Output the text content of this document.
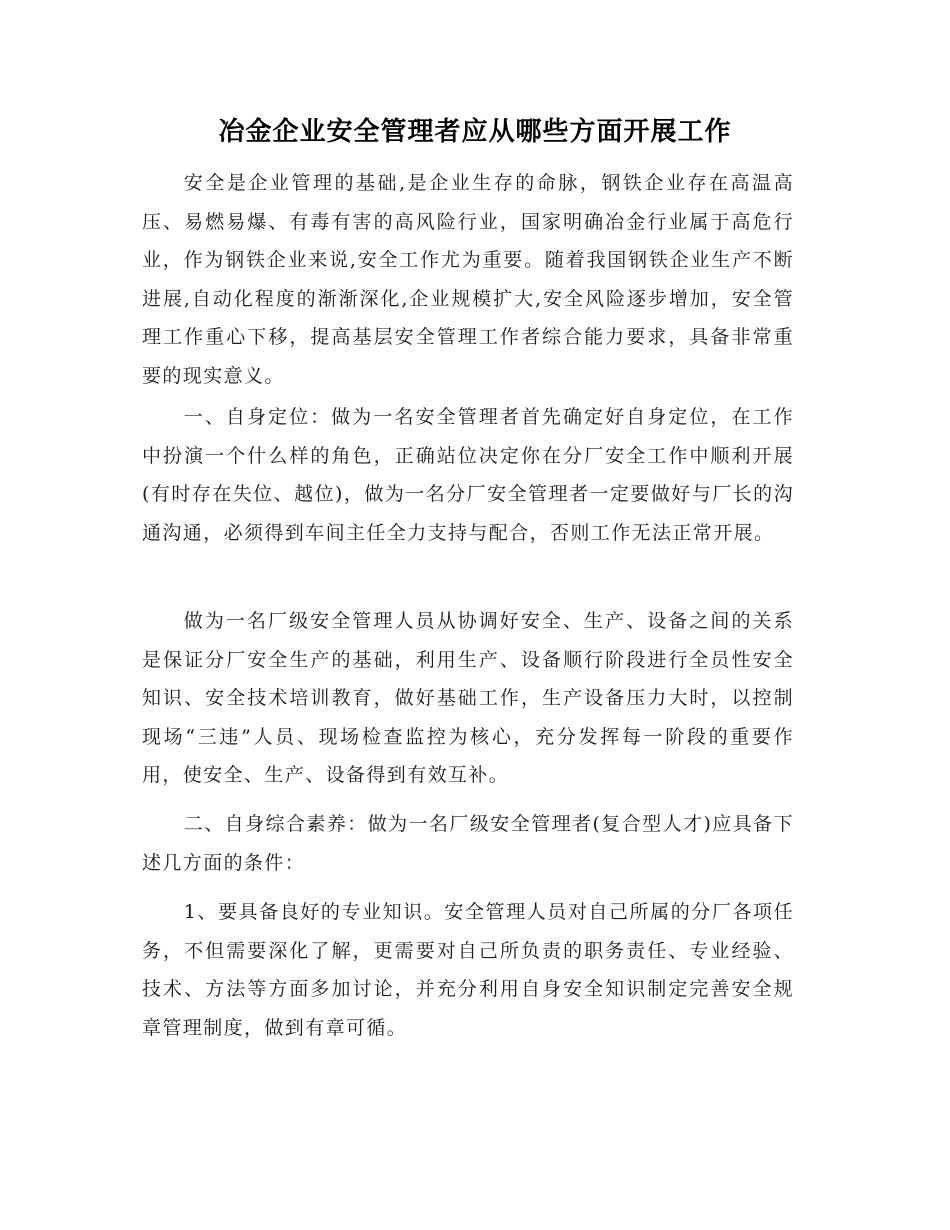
冶金企业安全管理者应从哪些方面开展工作

安全是企业管理的基础,是企业生存的命脉，钢铁企业存在高温高压、易燃易爆、有毒有害的高风险行业，国家明确冶金行业属于高危行业，作为钢铁企业来说,安全工作尤为重要。随着我国钢铁企业生产不断进展,自动化程度的渐渐深化,企业规模扩大,安全风险逐步增加，安全管理工作重心下移，提高基层安全管理工作者综合能力要求，具备非常重要的现实意义。

一、自身定位：做为一名安全管理者首先确定好自身定位，在工作中扮演一个什么样的角色，正确站位决定你在分厂安全工作中顺利开展(有时存在失位、越位)，做为一名分厂安全管理者一定要做好与厂长的沟通沟通，必须得到车间主任全力支持与配合，否则工作无法正常开展。

做为一名厂级安全管理人员从协调好安全、生产、设备之间的关系是保证分厂安全生产的基础，利用生产、设备顺行阶段进行全员性安全知识、安全技术培训教育，做好基础工作，生产设备压力大时，以控制现场“三违”人员、现场检查监控为核心，充分发挥每一阶段的重要作用，使安全、生产、设备得到有效互补。

二、自身综合素养：做为一名厂级安全管理者(复合型人才)应具备下述几方面的条件：

1、要具备良好的专业知识。安全管理人员对自己所属的分厂各项任务，不但需要深化了解，更需要对自己所负责的职务责任、专业经验、技术、方法等方面多加讨论，并充分利用自身安全知识制定完善安全规章管理制度，做到有章可循。
